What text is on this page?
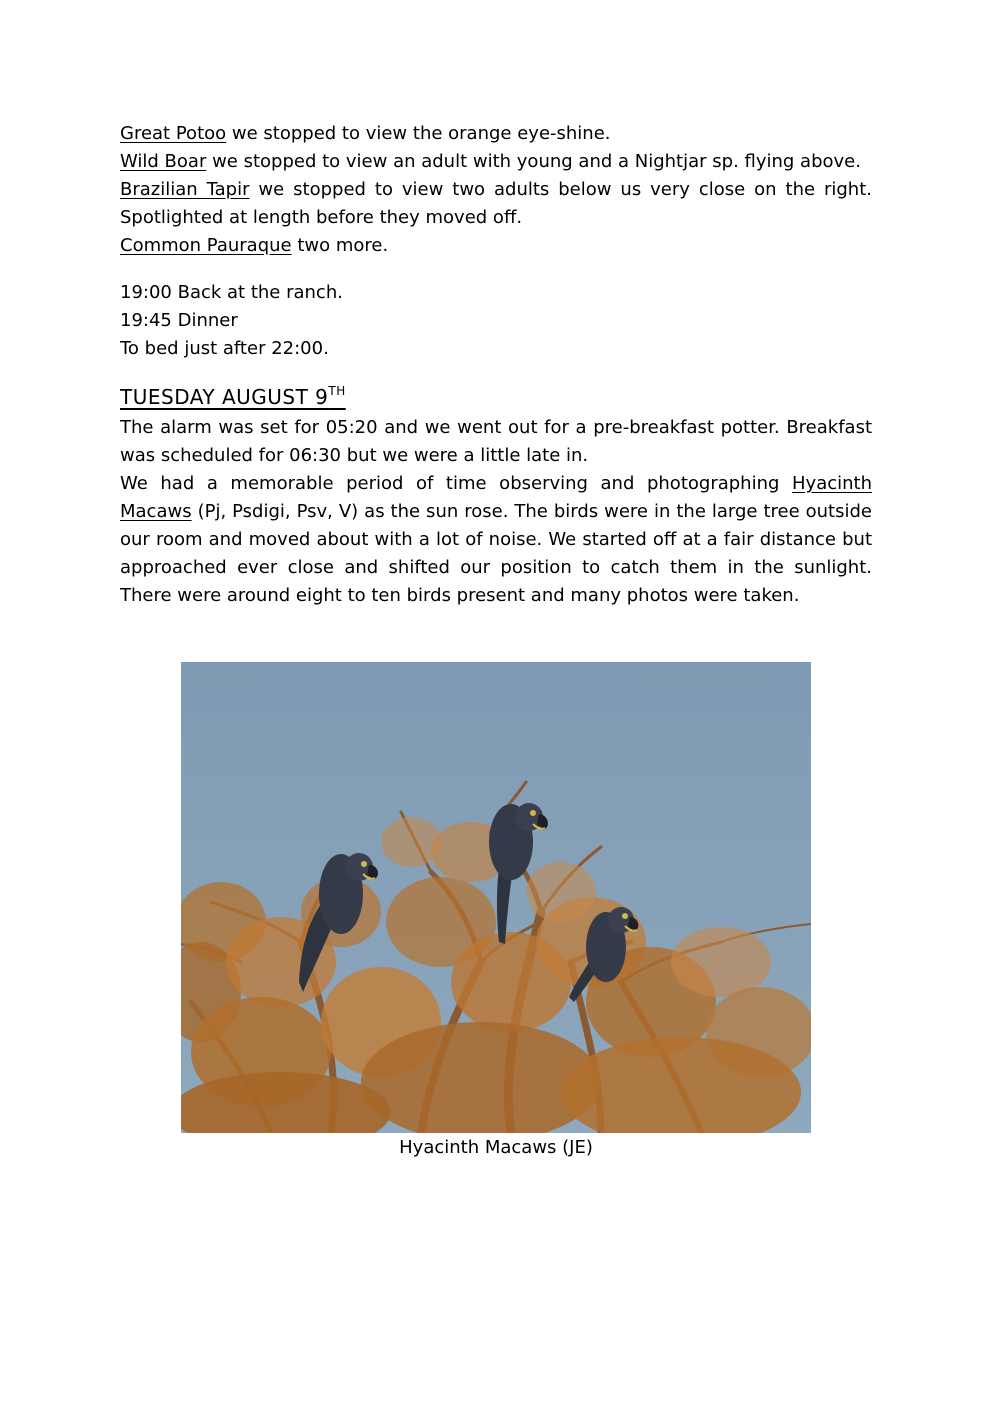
Great Potoo we stopped to view the orange eye-shine.
Wild Boar we stopped to view an adult with young and a Nightjar sp. flying above.
Brazilian Tapir we stopped to view two adults below us very close on the right. Spotlighted at length before they moved off.
Common Pauraque two more.
19:00 Back at the ranch.
19:45 Dinner
To bed just after 22:00.
TUESDAY AUGUST 9TH
The alarm was set for 05:20 and we went out for a pre-breakfast potter. Breakfast was scheduled for 06:30 but we were a little late in.
We had a memorable period of time observing and photographing Hyacinth Macaws (Pj, Psdigi, Psv, V) as the sun rose. The birds were in the large tree outside our room and moved about with a lot of noise. We started off at a fair distance but approached ever close and shifted our position to catch them in the sunlight. There were around eight to ten birds present and many photos were taken.
Hyacinth Macaws (JE)
